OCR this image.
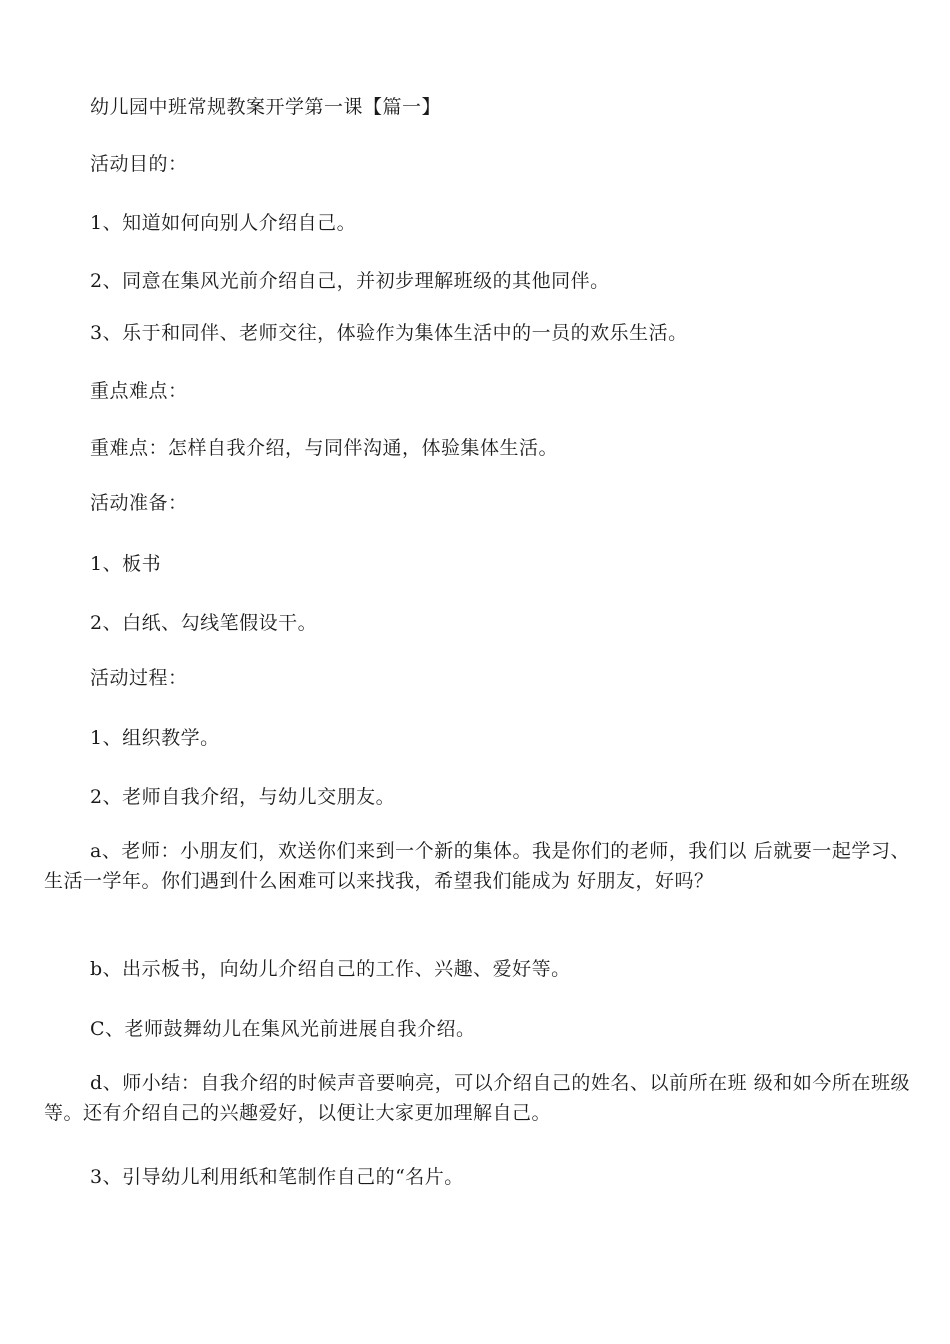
幼儿园中班常规教案开学第一课【篇一】
活动目的：
1、知道如何向别人介绍自己。
2、同意在集风光前介绍自己，并初步理解班级的其他同伴。
3、乐于和同伴、老师交往，体验作为集体生活中的一员的欢乐生活。
重点难点：
重难点：怎样自我介绍，与同伴沟通，体验集体生活。
活动准备：
1、板书
2、白纸、勾线笔假设干。
活动过程：
1、组织教学。
2、老师自我介绍，与幼儿交朋友。
a、老师：小朋友们，欢送你们来到一个新的集体。我是你们的老师，我们以 后就要一起学习、生活一学年。你们遇到什么困难可以来找我，希望我们能成为 好朋友，好吗？
b、出示板书，向幼儿介绍自己的工作、兴趣、爱好等。
C、老师鼓舞幼儿在集风光前进展自我介绍。
d、师小结：自我介绍的时候声音要响亮，可以介绍自己的姓名、以前所在班 级和如今所在班级等。还有介绍自己的兴趣爱好，以便让大家更加理解自己。
3、引导幼儿利用纸和笔制作自己的“名片。
